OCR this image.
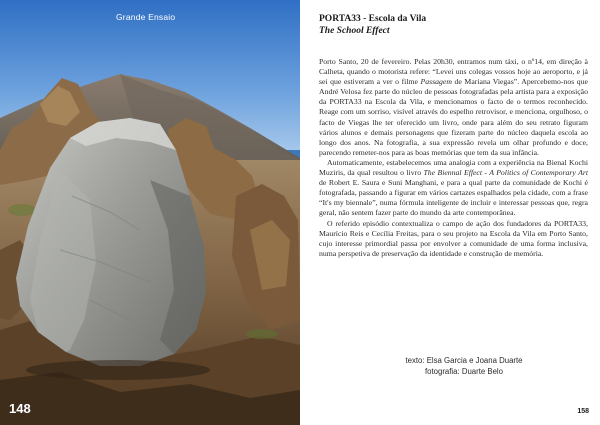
Grande Ensaio
148
PORTA33 - Escola da Vila
The School Effect

Porto Santo, 20 de fevereiro. Pelas 20h30, entramos num táxi, o nº14, em direção à Calheta, quando o motorista refere: “Levei uns colegas vossos hoje ao aeroporto, e já sei que estiveram a ver o filme Passagem de Mariana Viegas”. Apercebemo-nos que André Velosa fez parte do núcleo de pessoas fotografadas pela artista para a exposição da PORTA33 na Escola da Vila, e mencionamos o facto de o termos reconhecido. Reage com um sorriso, visível através do espelho retrovisor, e menciona, orgulhoso, o facto de Viegas lhe ter oferecido um livro, onde para além do seu retrato figuram vários alunos e demais personagens que fizeram parte do núcleo daquela escola ao longo dos anos. Na fotografia, a sua expressão revela um olhar profundo e doce, parecendo remeter-nos para as boas memórias que tem da sua infância.

Automaticamente, estabelecemos uma analogia com a experiência na Bienal Kochi Muziris, da qual resultou o livro The Biennal Effect - A Politics of Contemporary Art de Robert E. Saura e Suni Manghani, e para a qual parte da comunidade de Kochi é fotografada, passando a figurar em vários cartazes espalhados pela cidade, com a frase “It's my biennale”, numa fórmula inteligente de incluir e interessar pessoas que, regra geral, não sentem fazer parte do mundo da arte contemporânea.

O referido episódio contextualiza o campo de ação dos fundadores da PORTA33, Maurício Reis e Cecília Freitas, para o seu projeto na Escola da Vila em Porto Santo, cujo interesse primordial passa por envolver a comunidade de uma forma inclusiva, numa perspetiva de preservação da identidade e construção de memória.

texto: Elsa Garcia e Joana Duarte
fotografia: Duarte Belo
158
